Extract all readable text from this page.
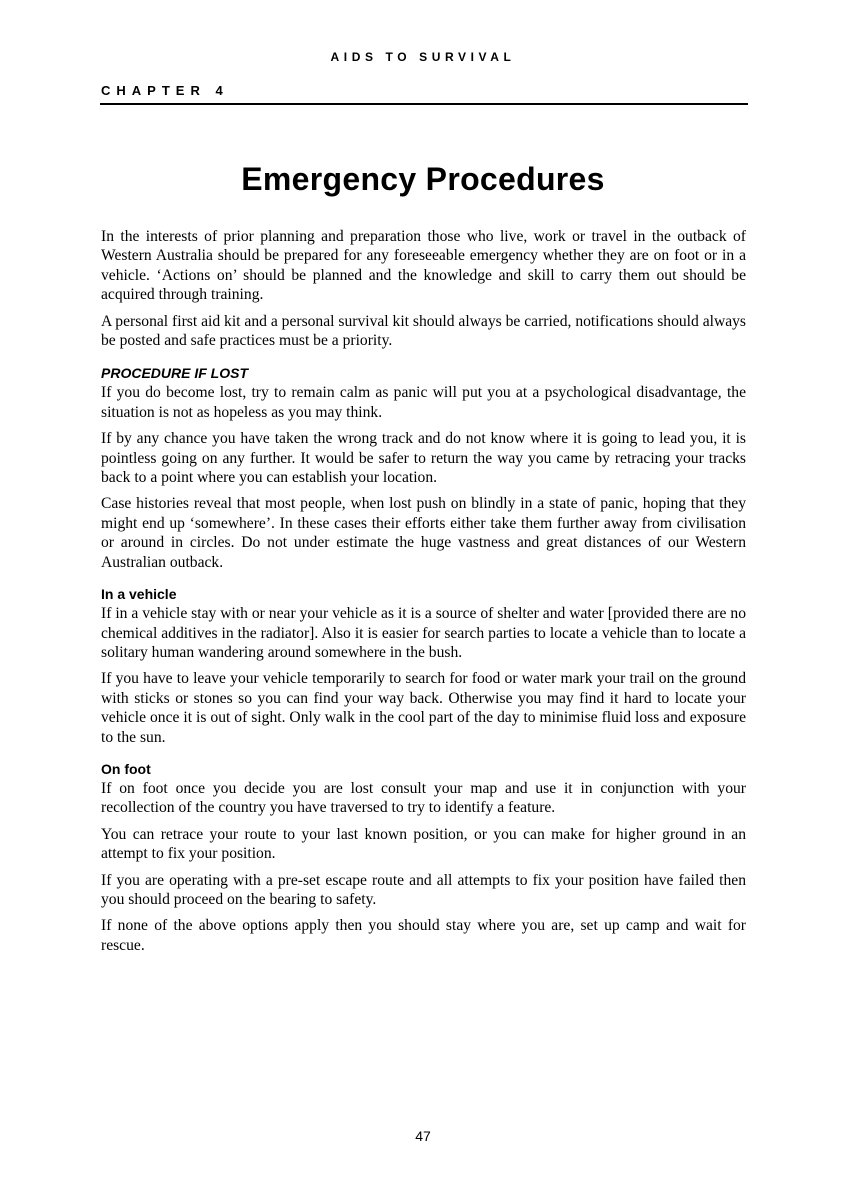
AIDS TO SURVIVAL
CHAPTER 4
Emergency Procedures

In the interests of prior planning and preparation those who live, work or travel in the outback of Western Australia should be prepared for any foreseeable emergency whether they are on foot or in a vehicle. ‘Actions on’ should be planned and the knowledge and skill to carry them out should be acquired through training.

A personal first aid kit and a personal survival kit should always be carried, notifications should always be posted and safe practices must be a priority.

PROCEDURE IF LOST

If you do become lost, try to remain calm as panic will put you at a psychological disadvantage, the situation is not as hopeless as you may think.

If by any chance you have taken the wrong track and do not know where it is going to lead you, it is pointless going on any further. It would be safer to return the way you came by retracing your tracks back to a point where you can establish your location.

Case histories reveal that most people, when lost push on blindly in a state of panic, hoping that they might end up ‘somewhere’. In these cases their efforts either take them further away from civilisation or around in circles. Do not under estimate the huge vastness and great distances of our Western Australian outback.

In a vehicle

If in a vehicle stay with or near your vehicle as it is a source of shelter and water [provided there are no chemical additives in the radiator]. Also it is easier for search parties to locate a vehicle than to locate a solitary human wandering around somewhere in the bush.

If you have to leave your vehicle temporarily to search for food or water mark your trail on the ground with sticks or stones so you can find your way back. Otherwise you may find it hard to locate your vehicle once it is out of sight. Only walk in the cool part of the day to minimise fluid loss and exposure to the sun.

On foot

If on foot once you decide you are lost consult your map and use it in conjunction with your recollection of the country you have traversed to try to identify a feature.

You can retrace your route to your last known position, or you can make for higher ground in an attempt to fix your position.

If you are operating with a pre-set escape route and all attempts to fix your position have failed then you should proceed on the bearing to safety.

If none of the above options apply then you should stay where you are, set up camp and wait for rescue.

47
